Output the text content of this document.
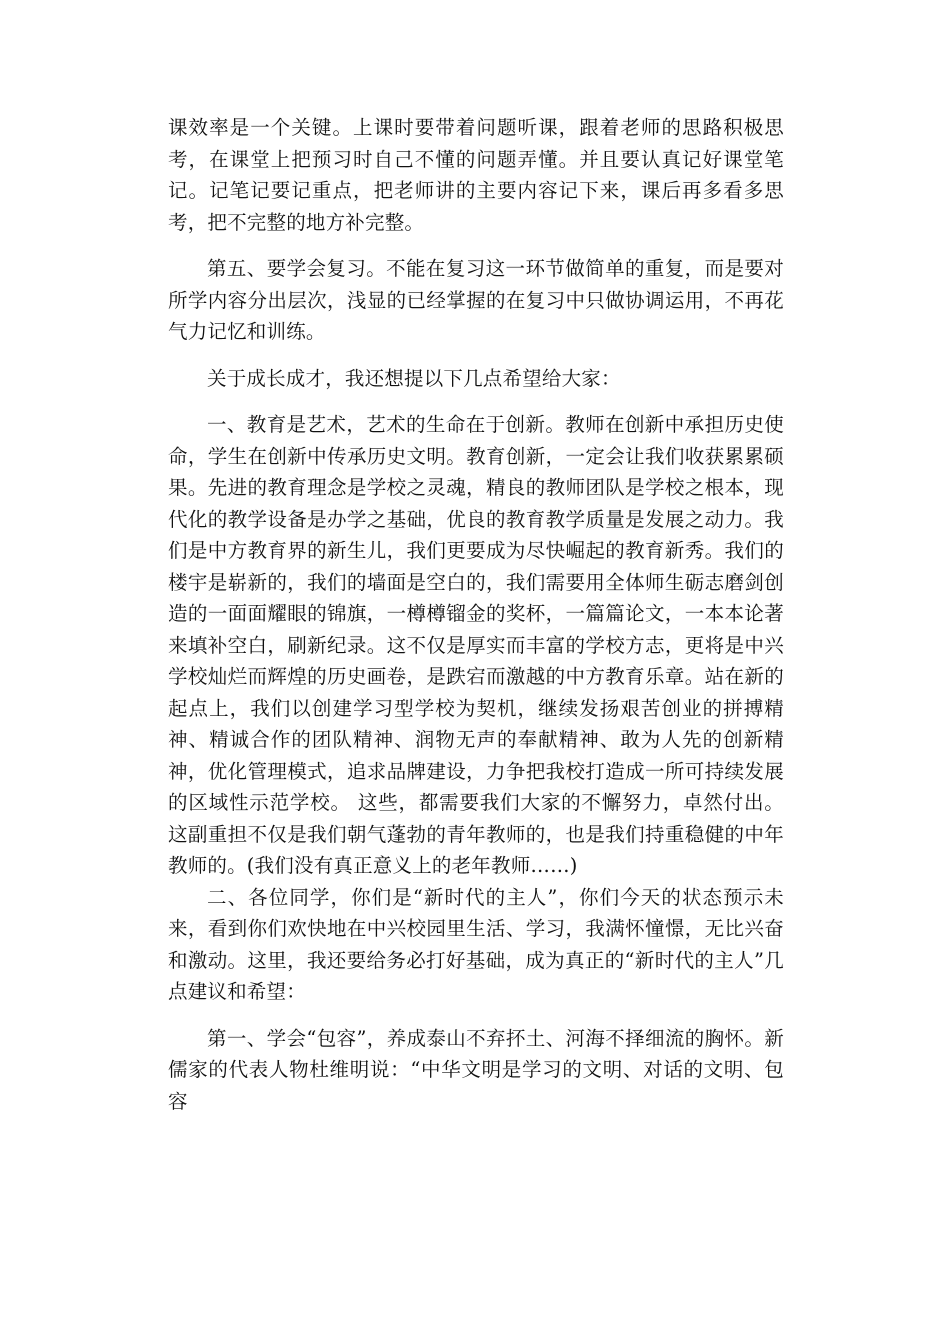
课效率是一个关键。上课时要带着问题听课，跟着老师的思路积极思考，在课堂上把预习时自己不懂的问题弄懂。并且要认真记好课堂笔记。记笔记要记重点，把老师讲的主要内容记下来，课后再多看多思考，把不完整的地方补完整。

第五、要学会复习。不能在复习这一环节做简单的重复，而是要对所学内容分出层次，浅显的已经掌握的在复习中只做协调运用，不再花气力记忆和训练。

关于成长成才，我还想提以下几点希望给大家：

一、教育是艺术，艺术的生命在于创新。教师在创新中承担历史使命，学生在创新中传承历史文明。教育创新，一定会让我们收获累累硕果。先进的教育理念是学校之灵魂，精良的教师团队是学校之根本，现代化的教学设备是办学之基础，优良的教育教学质量是发展之动力。我们是中方教育界的新生儿，我们更要成为尽快崛起的教育新秀。我们的楼宇是崭新的，我们的墙面是空白的，我们需要用全体师生砺志磨剑创造的一面面耀眼的锦旗，一樽樽镏金的奖杯，一篇篇论文，一本本论著来填补空白，刷新纪录。这不仅是厚实而丰富的学校方志，更将是中兴学校灿烂而辉煌的历史画卷，是跌宕而激越的中方教育乐章。站在新的起点上，我们以创建学习型学校为契机，继续发扬艰苦创业的拼搏精神、精诚合作的团队精神、润物无声的奉献精神、敢为人先的创新精神，优化管理模式，追求品牌建设，力争把我校打造成一所可持续发展的区域性示范学校。 这些，都需要我们大家的不懈努力，卓然付出。这副重担不仅是我们朝气蓬勃的青年教师的，也是我们持重稳健的中年教师的。(我们没有真正意义上的老年教师……)

二、各位同学，你们是“新时代的主人”，你们今天的状态预示未来，看到你们欢快地在中兴校园里生活、学习，我满怀憧憬，无比兴奋和激动。这里，我还要给务必打好基础，成为真正的“新时代的主人”几点建议和希望：

第一、学会“包容”，养成泰山不弃抔土、河海不择细流的胸怀。新儒家的代表人物杜维明说：“中华文明是学习的文明、对话的文明、包容
